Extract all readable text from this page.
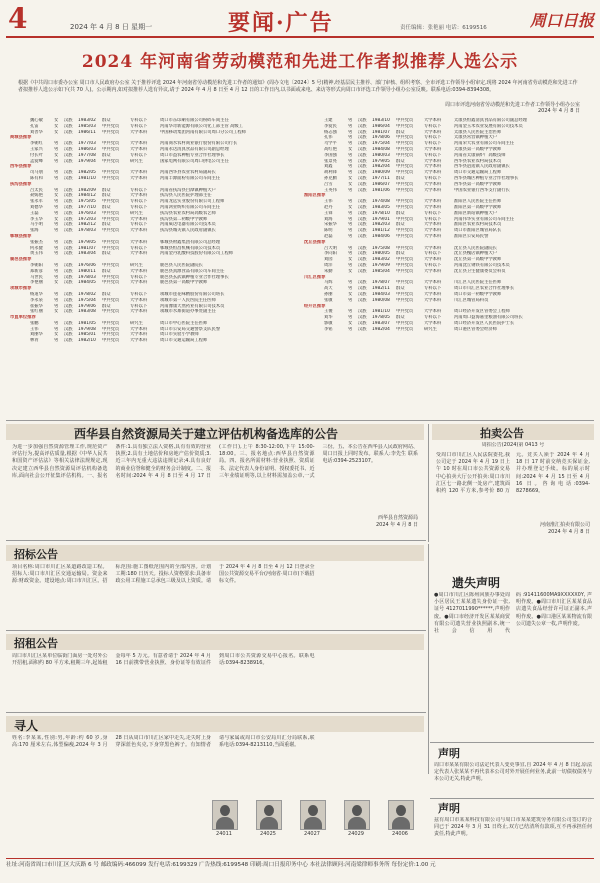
4	2024 年 4 月 8 日 星期一	要闻·广告	责任编辑：张艳丽 电话：6199516	周口日报
2024 年河南省劳动模范和先进工作者拟推荐人选公示
根据《中共周口市委办公室 周口市人民政府办公室 关于推荐评选 2024 年河南省劳动模范和先进工作者的通知》(周办文电〔2024〕5 号)精神,经基层民主推荐、部门审核、组织考察、全市评选工作领导小组审定,现将 2024 年河南省劳动模范和先进工作者拟推荐人选公示如下(共 70 人)。公示期内,如对拟推荐人选有异议,请于 2024 年 4 月 8 日至 4 月 12 日的工作日内,以书面或来电、来访等形式向周口市评选工作领导小组办公室反映。联系电话:0394-8394308。
周口市评选河南省劳动模范和先进工作者工作领导小组办公室
2024 年 4 月 8 日
魏心敏	女 汉族 1983/02 群众	专科以下	周口市东印刷有限公司粉碎车间主任
孔雷	女 汉族 1985/03 中共党员	专科以下	河南华奇新能源有限公司化工部主管 高级工
刘善华	女 汉族 1986/11 中共党员	大学本科	中国移动集团河南有限公司周口分公司工程师
商城县推荐
李朝红	男 汉族 1977/03 中共党员	大学本科	河南商水农村商业银行股份有限公司行长
王家兴	男 汉族 1986/03 中共党员	大学本科	河南永达清真食品有限公司副总经理
付长叶	女 汉族 1977/08 群众	专科以下	周口市益农种植专业合作社理事长
孟爱峰	男 汉族 1979/04 中共党员	研究生	国家电网有限公司周口供电公司主任
西华县推荐
司马朋	男 汉族 1982/05 中共党员	大学本科	河南西华县农业农村局副局长
陈有和	男 汉族 1981/10 中共党员	大学本科	河南丰源面粉有限公司车间主任
扶沟县推荐
吕太民	男 汉族 1982/09 群众	专科以下	河南省扶沟县白潭镇种植大户
聂嫣艳	女 汉族 1984/12 群众	大学本科	扶沟县人民医院护理部主任
张永军	男 汉族 1975/05 中共党员	专科以下	河南龙远实业股份有限公司工程师
刘德华	男 汉族 1977/10 群众	专科以下	河南鸿业纺织有限公司车间主任
王磊	男 汉族 1976/03 中共党员	研究生	扶沟县农业农村局高级农艺师
李玉华	女 汉族 1972/03 中共党员	大学本科	扶沟县第二初级中学教师
马小明	男 汉族 1982/12 群众	专科以下	河南威达电器有限公司技术员
张海	男 汉族 1978/03 中共党员	大学本科	扶沟县城关镇人民政府副镇长
郸城县推荐
张振杰	男 汉族 1979/05 中共党员	大学本科	郸城县财鑫集团有限公司总经理
何永健	男 汉族 1981/07 中共党员	专科以下	郸城县恒昌机械有限公司技术员
黄玉伟	男 汉族 1983/04 群众	大学本科	河南金丹乳酸科技股份有限公司工程师
鹿邑县推荐
李朝阳	男 汉族 1976/06 中共党员	研究生	鹿邑县人民医院副院长
郑新彦	男 汉族 1980/11 群众	大学本科	鹿邑县真源食品有限公司车间主任
马世民	男 汉族 1978/03 中共党员	专科以下	鹿邑县玄武镇种植专业合作社理事长
李艳丽	女 汉族 1984/05 中共党员	大学本科	鹿邑县第一高级中学教师
项城市推荐
杨道华	男 汉族 1978/02 群众	专科以下	项城市莲花味精股份有限公司班长
李永泉	男 汉族 1975/04 中共党员	大学本科	项城市第一人民医院主任医师
崔振华	男 汉族 1979/06 群众	专科以下	河南豫康天然药业有限公司技术员
张红丽	女 汉族 1983/08 中共党员	大学本科	项城市水寨街道办事处副主任
市直单位推荐
张鹏	男 汉族 1981/05 中共党员	研究生	周口市中心医院主任医师
王伟	男 汉族 1979/08 中共党员	大学本科	周口市公安局交通警察支队民警
刘丽华	女 汉族 1985/01 中共党员	大学本科	周口市实验小学教师
林青	男 汉族 1982/10 中共党员	大学本科	周口市交通运输局工程师
王建	男 汉族 1983/10 中共党员	大学本科	太康县恒鑫清真食品有限公司副总经理
李爱民	男 汉族 1986/04 中共党员	专科以下	河南金玉米农业发展有限公司技术员
杨志强	男 汉族 1981/07 群众	大学本科	太康县人民医院主治医师
孔伟	男 汉族 1978/06 中共党员	专科以下	太康县常营镇种植大户
乌学平	男 汉族 1975/04 中共党员	专科以下	河南荣大农业有限公司车间主任
高红艳	女 汉族 1984/08 中共党员	大学本科	太康县第一高级中学教师
李国强	男 汉族 1980/03 中共党员	专科以下	河南省太康锅炉厂高级技师
张景亮	男 汉族 1979/05 群众	大学本科	西华县农业农村局技术员
刘鑫	男 汉族 1982/04 中共党员	大学本科	西华县逍遥镇人民政府副镇长
胡利锋	男 汉族 1980/09 中共党员	大学本科	周口市交通运输局工程师
孙克勤	女 汉族 1977/11 群众	专科以下	西华县城区种植专业合作社理事长
吕雪	女 汉族 1986/07 中共党员	大学本科	西华县第一高级中学教师
王英伟	男 汉族 1981/06 中共党员	大学本科	中国农业银行西华支行副行长
淮阳区推荐
王伟	男 汉族 1974/08 中共党员	大学本科	淮阳区人民医院主任医师
赵丹	女 汉族 1983/05 中共党员	大学本科	淮阳区第一高级中学教师
王锋	男 汉族 1978/10 群众	专科以下	淮阳区新站镇种植大户
刘海	男 汉族 1979/01 中共党员	专科以下	河南伟华实业有限公司车间主任
宋振华	男 汉族 1982/03 群众	大学本科	淮阳区农业农村局技术员
陈明	男 汉族 1981/12 中共党员	大学本科	周口市淮阳区城管局队长
赵磊	男 汉族 1984/06 中共党员	大学本科	淮阳区公安局民警
沈丘县推荐
吕大明	男 汉族 1975/08 中共党员	大学本科	沈丘县人民医院副院长
李向阳	男 汉族 1980/05 群众	专科以下	沈丘县槐店镇种植大户
刘园	女 汉族 1983/02 中共党员	大学本科	沈丘县第一高级中学教师
周洋	男 汉族 1979/09 中共党员	专科以下	河南沈丘钢铁有限公司技术员
朱勤	女 汉族 1985/04 中共党员	大学本科	沈丘县卫生健康委员会科员
川汇区推荐
马辉	男 汉族 1978/07 中共党员	大学本科	川汇区人民医院主任医师
高天	男 汉族 1982/11 群众	专科以下	周口市川汇区农业合作社理事长
孙丽	女 汉族 1984/03 中共党员	大学本科	周口市第一初级中学教师
张敏	男 汉族 1980/08 中共党员	大学本科	川汇区城管局科员
经开区推荐
王俊	男 汉族 1981/10 中共党员	大学本科	周口经济开发区管委会工程师
刘华	男 汉族 1978/05 群众	专科以下	河南周口益海嘉里粮油有限公司班长
郭敏	女 汉族 1983/07 中共党员	大学本科	周口经济开发区人民医院护士长
李铭	男 汉族 1982/04 中共党员	研究生	周口港区管委会经济师
西华县自然资源局关于建立评估机构备选库的公告
为进一步加强自然资源管理工作,规范资产评估行为,提高评估质量,根据《中华人民共和国资产评估法》等相关法律法规规定,现决定建立西华县自然资源局评估机构备选库,面向社会公开征集评估机构。一、报名条件:1.具有独立法人资格,具有有效的营业执照;2.具有土地估价和房地产估价资质;3.近三年内无重大违法违规记录;4.具有良好的商业信誉和健全的财务会计制度。二、报名时间:2024 年 4 月 8 日至 4 月 17 日(工作日),上午 8:30-12:00,下午 15:00-18:00。三、报名地点:西华县自然资源局。四、报名所需材料:营业执照、资质证书、法定代表人身份证明、授权委托书、近三年业绩证明等,以上材料需加盖公章,一式三份。五、本公告在西华县人民政府网站、周口日报上同时发布。联系人:李先生 联系电话:0394-2523107。
西华县自然资源局
2024 年 4 月 8 日
拍卖公告
周拍公告(2024)第 0413 号
受周口市川汇区人民法院委托,我公司定于 2024 年 4 月 19 日上午 10 时在周口市公共资源交易中心拍卖大厅公开拍卖:周口市川汇区七一路北侧一处房产,建筑面积约 120 平方米,参考价 80 万元。竞买人须于 2024 年 4 月 18 日 17 时前交纳竞买保证金,并办理登记手续。标的展示时间:2024 年 4 月 15 日至 4 月 16 日。咨询电话:0394-8278669。
河南淮汇拍卖有限公司
2024 年 4 月 8 日
招标公告
项目名称:周口市川汇区某道路改造工程。招标人:周口市川汇区交通运输局。资金来源:财政资金。建设地点:周口市川汇区。招标范围:施工图纸范围内的全部内容。计划工期:180 日历天。投标人资格要求:具备市政公用工程施工总承包三级及以上资质。请于 2024 年 4 月 8 日至 4 月 12 日登录全国公共资源交易平台(河南省·周口市)下载招标文件。	遗失声明
●周口市川汇区陈州回族办事处周小区居民王某某遗失身份证一张,证号 4127011990******,声明作废。●周口市经济开发区某某商贸有限公司遗失营业执照副本,统一社会信用代码:91411600MA9XXXXX0Y,声明作废。●周口市川汇区某某食品店遗失食品经营许可证正副本,声明作废。●周口港区某某物流有限公司遗失公章一枚,声明作废。
招租公告
周口市川汇区某单位临街门面房一处对外公开招租,面积约 80 平方米,租期三年,起始租金每年 5 万元。有意者请于 2024 年 4 月 16 日前携带营业执照、身份证等有效证件到周口市公共资源交易中心报名。联系电话:0394-8238916。
寻人
姓名:李某某,性别:男,年龄:约 60 岁,身高:170 厘米左右,体型偏瘦,2024 年 3 月 28 日从周口市川汇区家中走失,走失时上身穿深蓝色夹克,下身穿黑色裤子。有知情者请与家属或周口市公安局川汇分局联系,联系电话:0394-8213110,当面重谢。
24011	24025	24027	24029	24006
声明
周口市某某有限公司法定代表人变更事宜,自 2024 年 4 月 8 日起,原法定代表人张某某不再代表本公司对外开展任何业务,此前一切债权债务与本公司无关,特此声明。
声明
兹有周口市某某科技有限公司与周口市某某建筑劳务有限公司签订的合同已于 2024 年 3 月 31 日终止,双方已结清所有款项,互不再承担任何责任,特此声明。
社址:河南省周口市川汇区大庆路 6 号 邮政编码:466099 发行电话:6199329 广告热线:6199548 印刷:周口日报印务中心 本社法律顾问:河南梁律师事务所 每份定价:1.00 元
